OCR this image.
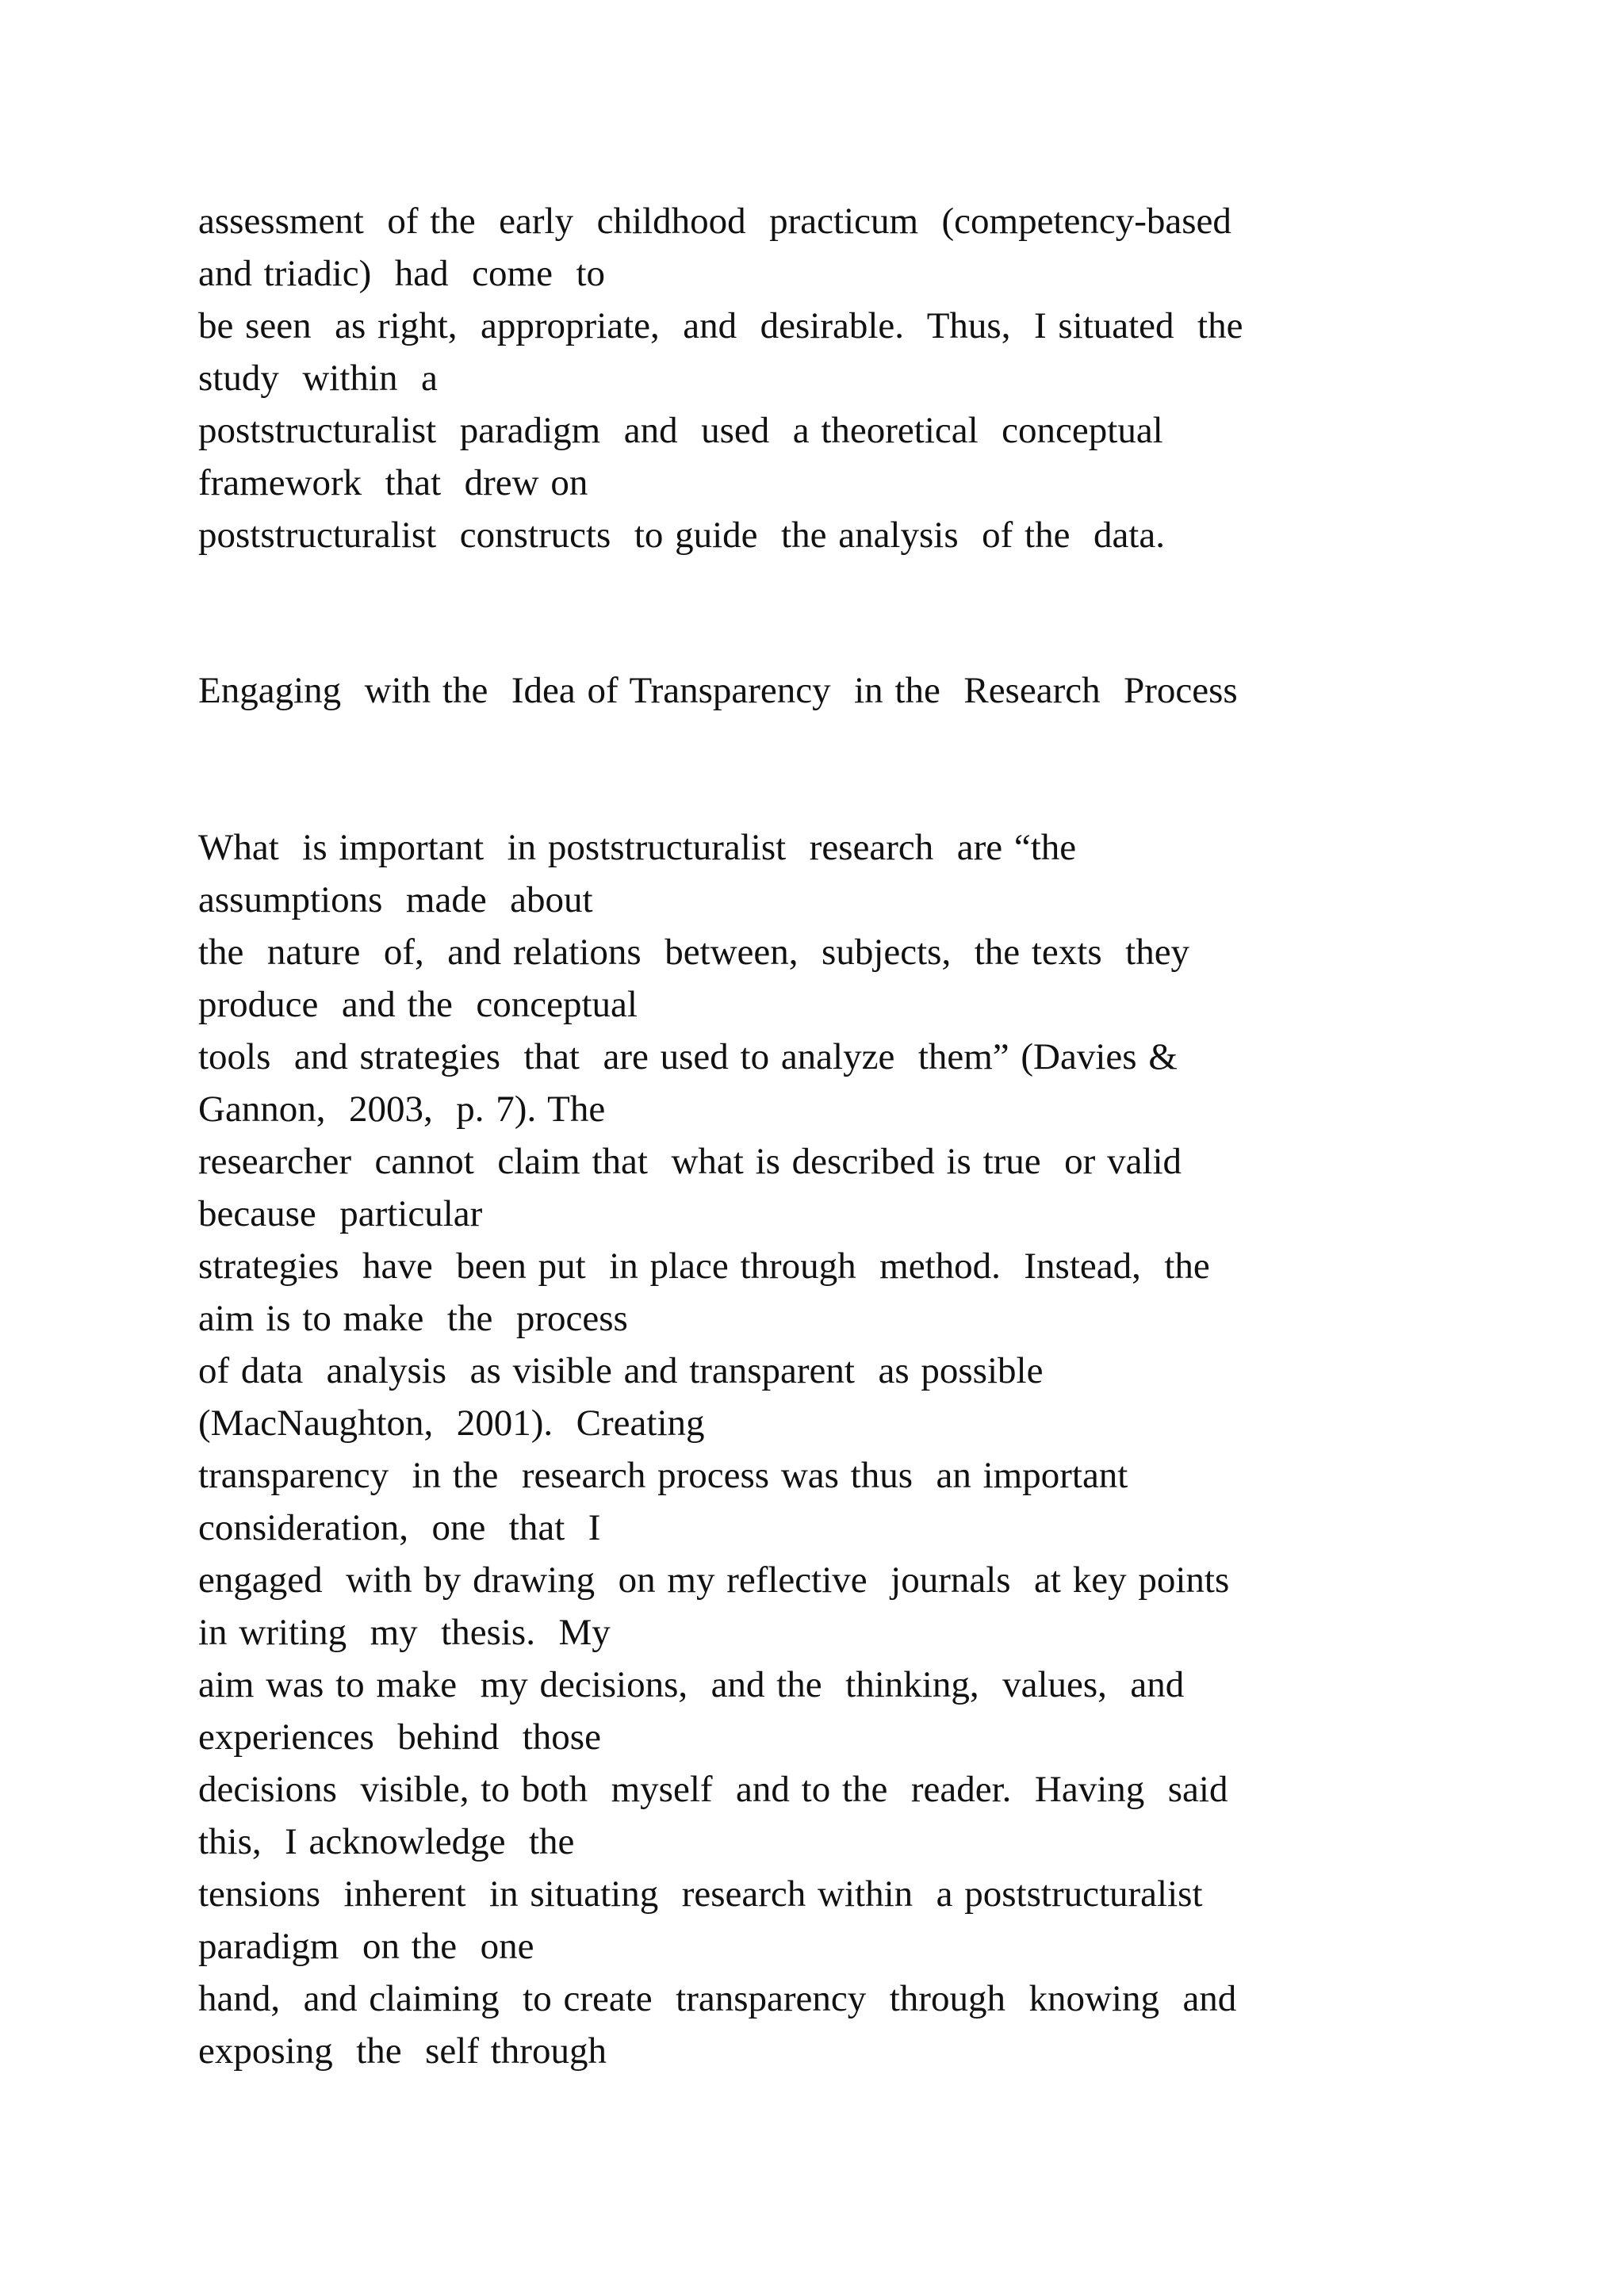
assessment  of the  early  childhood  practicum  (competency-based
and triadic)  had  come  to
be seen  as right,  appropriate,  and  desirable.  Thus,  I situated  the
study  within  a
poststructuralist  paradigm  and  used  a theoretical  conceptual
framework  that  drew on
poststructuralist  constructs  to guide  the analysis  of the  data.
Engaging  with the  Idea of Transparency  in the  Research  Process
What  is important  in poststructuralist  research  are “the
assumptions  made  about
the  nature  of,  and relations  between,  subjects,  the texts  they
produce  and the  conceptual
tools  and strategies  that  are used to analyze  them” (Davies &
Gannon,  2003,  p. 7). The
researcher  cannot  claim that  what is described is true  or valid
because  particular
strategies  have  been put  in place through  method.  Instead,  the
aim is to make  the  process
of data  analysis  as visible and transparent  as possible
(MacNaughton,  2001).  Creating
transparency  in the  research process was thus  an important
consideration,  one  that  I
engaged  with by drawing  on my reflective  journals  at key points
in writing  my  thesis.  My
aim was to make  my decisions,  and the  thinking,  values,  and
experiences  behind  those
decisions  visible, to both  myself  and to the  reader.  Having  said
this,  I acknowledge  the
tensions  inherent  in situating  research within  a poststructuralist
paradigm  on the  one
hand,  and claiming  to create  transparency  through  knowing  and
exposing  the  self through
